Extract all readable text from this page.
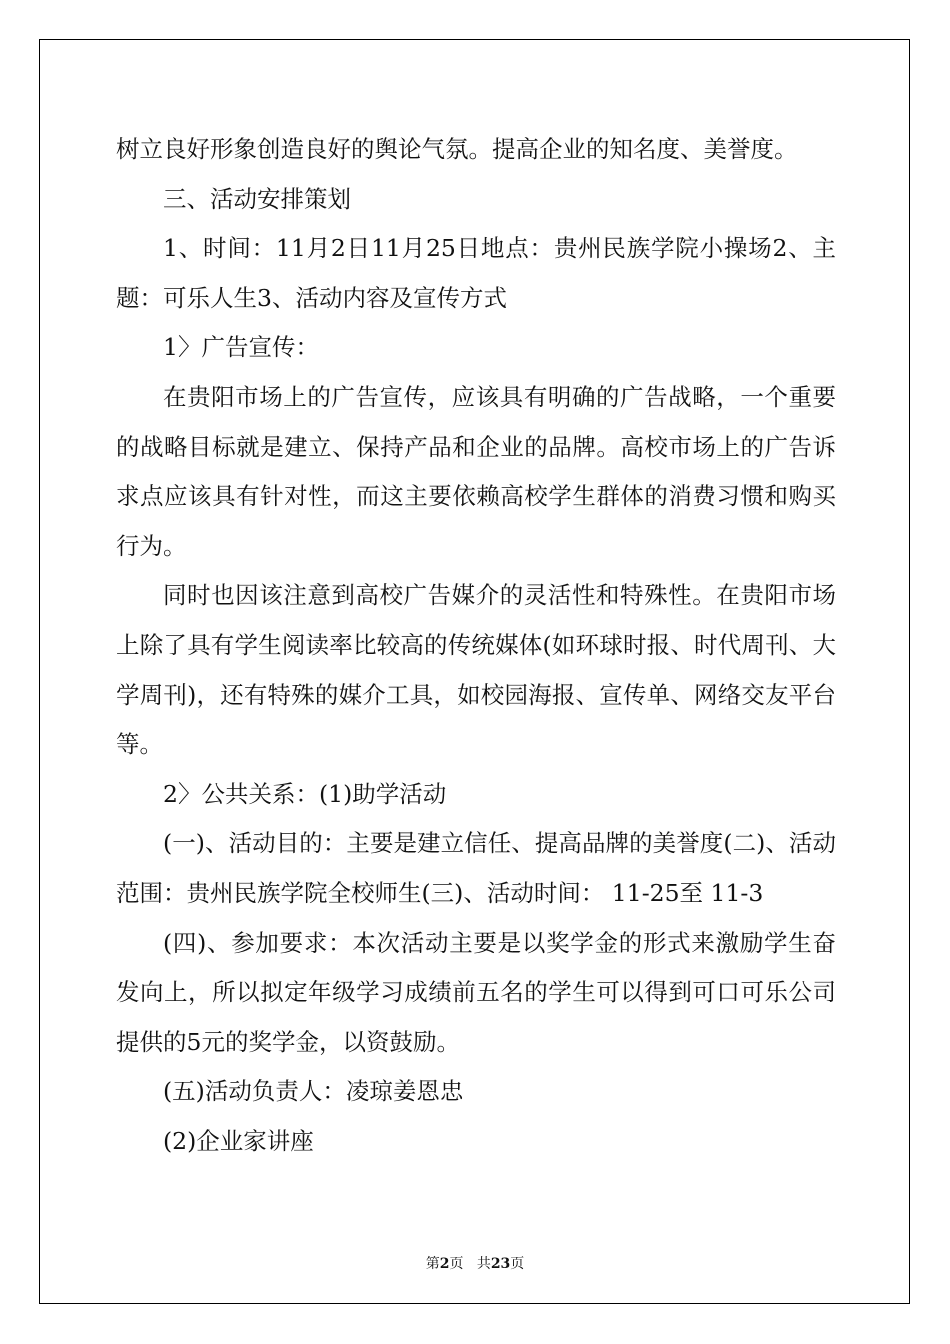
树立良好形象创造良好的舆论气氛。提高企业的知名度、美誉度。

三、活动安排策划

1、时间：11月2日11月25日地点：贵州民族学院小操场2、主题：可乐人生3、活动内容及宣传方式

1〉广告宣传：

在贵阳市场上的广告宣传，应该具有明确的广告战略，一个重要的战略目标就是建立、保持产品和企业的品牌。高校市场上的广告诉求点应该具有针对性，而这主要依赖高校学生群体的消费习惯和购买行为。

同时也因该注意到高校广告媒介的灵活性和特殊性。在贵阳市场上除了具有学生阅读率比较高的传统媒体(如环球时报、时代周刊、大学周刊)，还有特殊的媒介工具，如校园海报、宣传单、网络交友平台等。

2〉公共关系：(1)助学活动

(一)、活动目的：主要是建立信任、提高品牌的美誉度(二)、活动范围：贵州民族学院全校师生(三)、活动时间： 11-25至 11-3

(四)、参加要求：本次活动主要是以奖学金的形式来激励学生奋发向上，所以拟定年级学习成绩前五名的学生可以得到可口可乐公司提供的5元的奖学金，以资鼓励。

(五)活动负责人：凌琼姜恩忠

(2)企业家讲座

第2页 共23页
